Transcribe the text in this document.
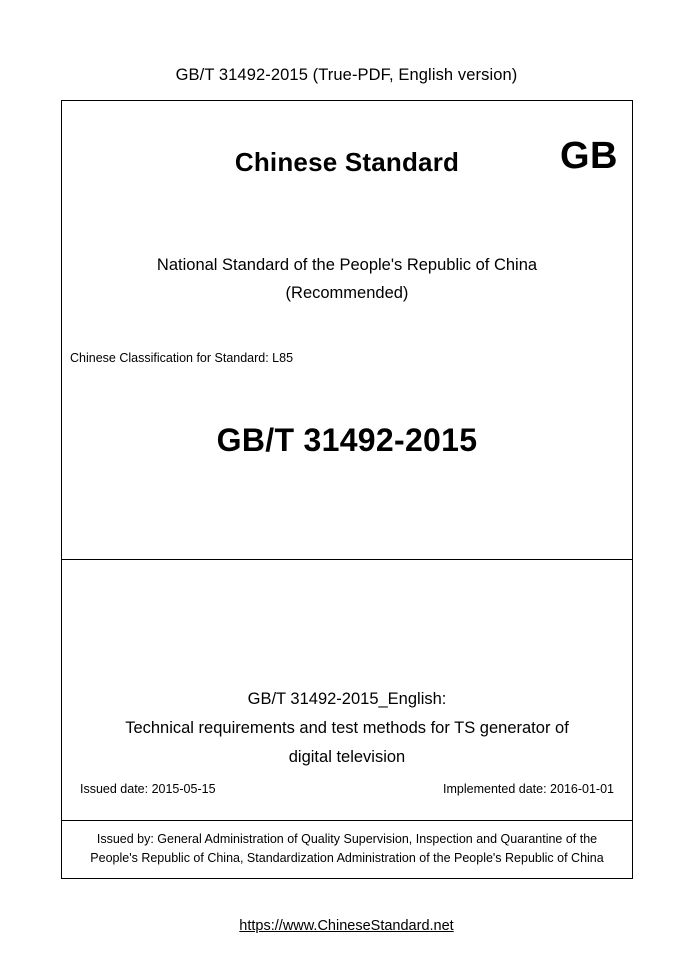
GB/T 31492-2015 (True-PDF, English version)
Chinese Standard	GB
National Standard of the People's Republic of China
(Recommended)
Chinese Classification for Standard: L85
GB/T 31492-2015
GB/T 31492-2015_English:
Technical requirements and test methods for TS generator of
digital television
Issued date: 2015-05-15	Implemented date: 2016-01-01
Issued by: General Administration of Quality Supervision, Inspection and Quarantine of the People's Republic of China, Standardization Administration of the People's Republic of China
https://www.ChineseStandard.net
